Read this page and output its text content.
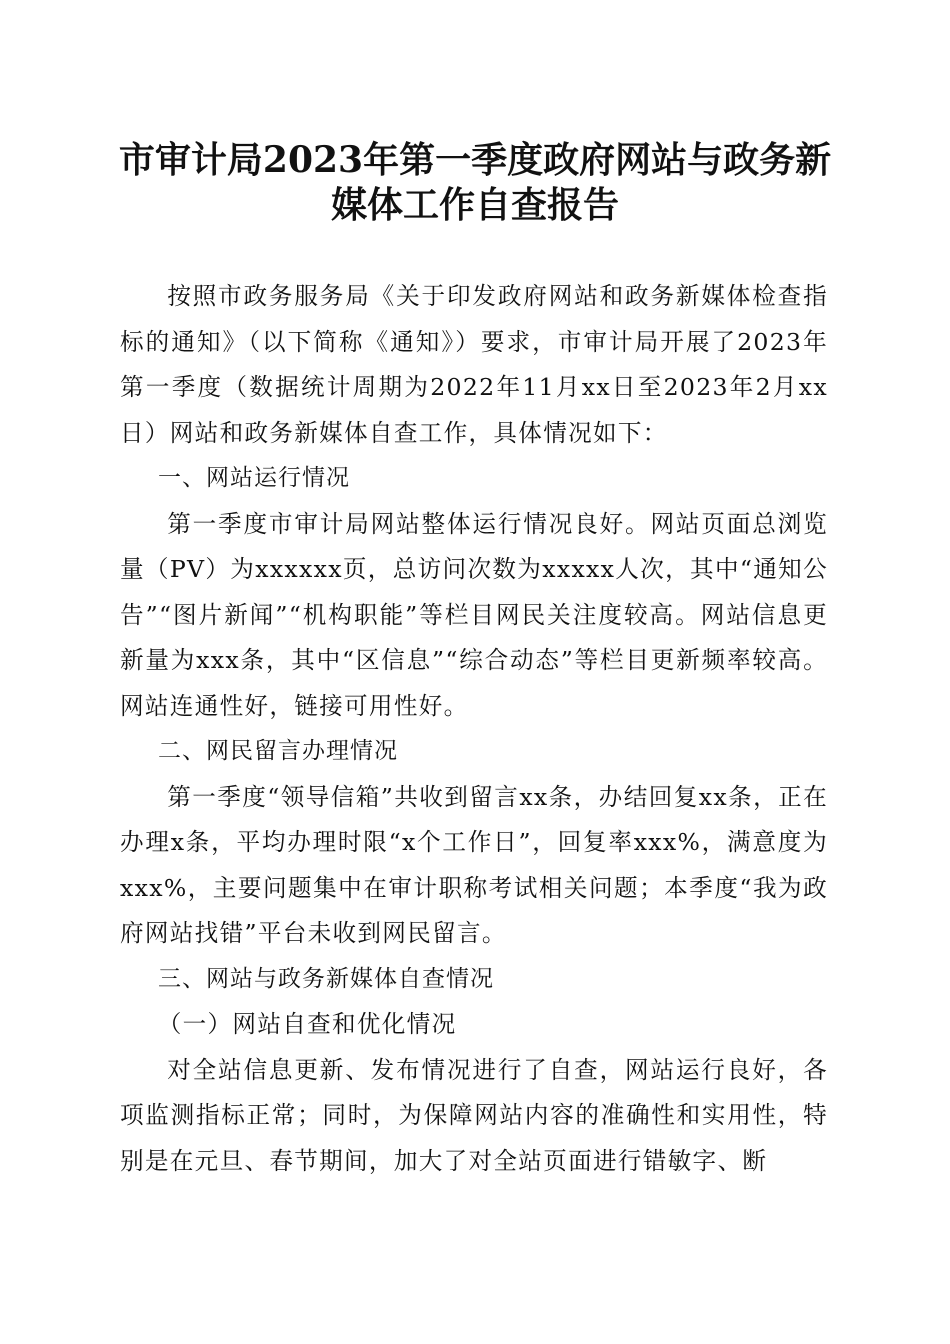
市审计局2023年第一季度政府网站与政务新
媒体工作自查报告

按照市政务服务局《关于印发政府网站和政务新媒体检查指标的通知》（以下简称《通知》）要求，市审计局开展了2023年第一季度（数据统计周期为2022年11月xx日至2023年2月xx日）网站和政务新媒体自查工作，具体情况如下：

一、网站运行情况

第一季度市审计局网站整体运行情况良好。网站页面总浏览量（PV）为xxxxxx页，总访问次数为xxxxx人次，其中“通知公告”“图片新闻”“机构职能”等栏目网民关注度较高。网站信息更新量为xxx条，其中“区信息”“综合动态”等栏目更新频率较高。网站连通性好，链接可用性好。

二、网民留言办理情况

第一季度“领导信箱”共收到留言xx条，办结回复xx条，正在办理x条，平均办理时限“x个工作日”，回复率xxx%，满意度为xxx%，主要问题集中在审计职称考试相关问题；本季度“我为政府网站找错”平台未收到网民留言。

三、网站与政务新媒体自查情况

（一）网站自查和优化情况

对全站信息更新、发布情况进行了自查，网站运行良好，各项监测指标正常；同时，为保障网站内容的准确性和实用性，特别是在元旦、春节期间，加大了对全站页面进行错敏字、断
